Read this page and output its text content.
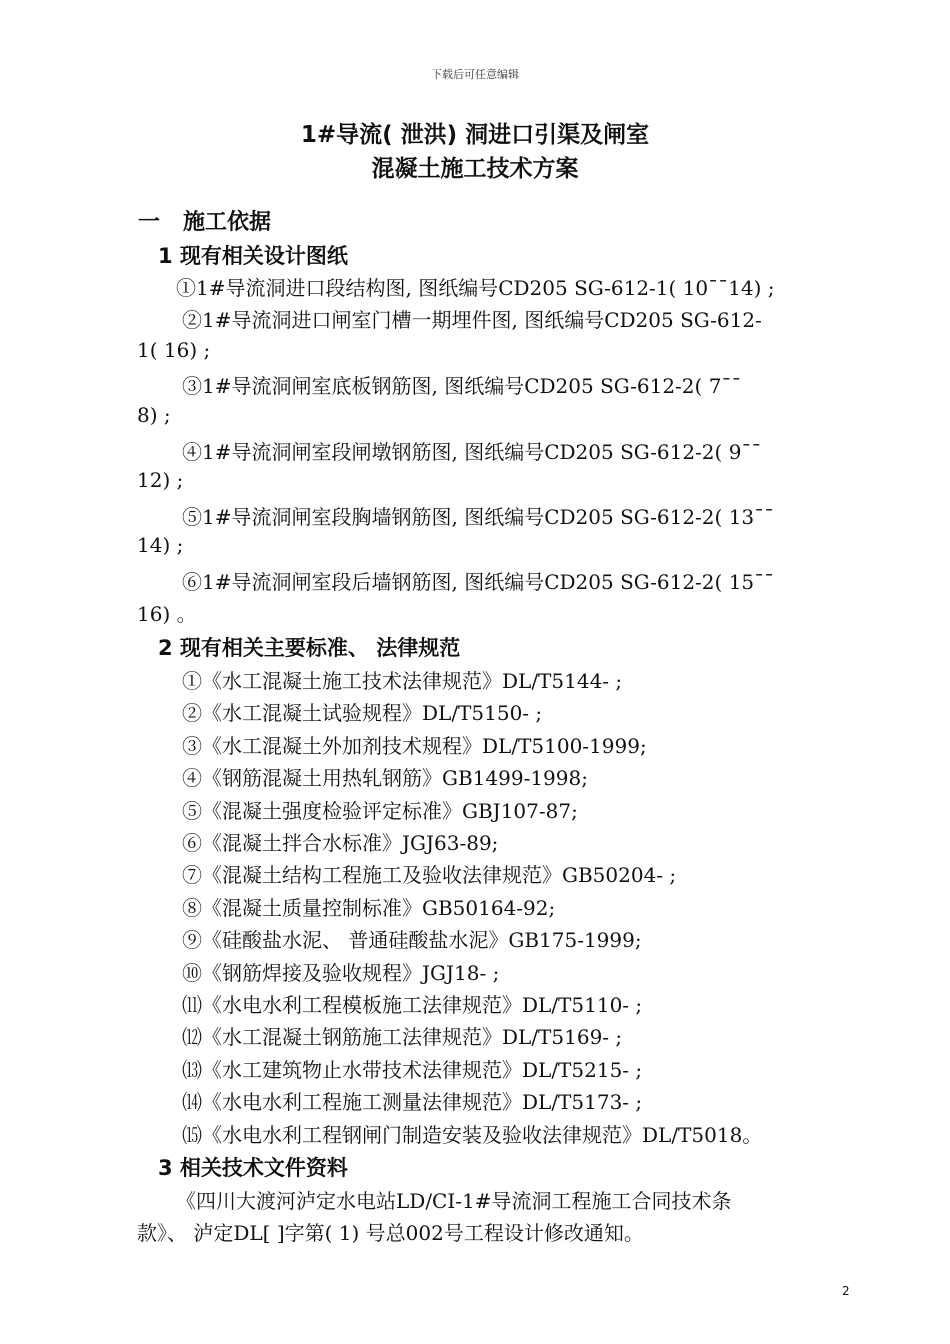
下载后可任意编辑
1#导流( 泄洪) 洞进口引渠及闸室
混凝土施工技术方案
一 施工依据
1 现有相关设计图纸
①1#导流洞进口段结构图, 图纸编号CD205 SG-612-1( 10¯¯14) ;
②1#导流洞进口闸室门槽一期埋件图, 图纸编号CD205 SG-612-
1( 16) ;
③1#导流洞闸室底板钢筋图, 图纸编号CD205 SG-612-2( 7¯¯
8) ;
④1#导流洞闸室段闸墩钢筋图, 图纸编号CD205 SG-612-2( 9¯¯
12) ;
⑤1#导流洞闸室段胸墙钢筋图, 图纸编号CD205 SG-612-2( 13¯¯
14) ;
⑥1#导流洞闸室段后墙钢筋图, 图纸编号CD205 SG-612-2( 15¯¯
16) 。
2 现有相关主要标准、 法律规范
①《水工混凝土施工技术法律规范》DL/T5144- ;
②《水工混凝土试验规程》DL/T5150- ;
③《水工混凝土外加剂技术规程》DL/T5100-1999;
④《钢筋混凝土用热轧钢筋》GB1499-1998;
⑤《混凝土强度检验评定标准》GBJ107-87;
⑥《混凝土拌合水标准》JGJ63-89;
⑦《混凝土结构工程施工及验收法律规范》GB50204- ;
⑧《混凝土质量控制标准》GB50164-92;
⑨《硅酸盐水泥、 普通硅酸盐水泥》GB175-1999;
⑩《钢筋焊接及验收规程》JGJ18- ;
⑾《水电水利工程模板施工法律规范》DL/T5110- ;
⑿《水工混凝土钢筋施工法律规范》DL/T5169- ;
⒀《水工建筑物止水带技术法律规范》DL/T5215- ;
⒁《水电水利工程施工测量法律规范》DL/T5173- ;
⒂《水电水利工程钢闸门制造安装及验收法律规范》DL/T5018。
3 相关技术文件资料
《四川大渡河泸定水电站LD/CⅠ-1#导流洞工程施工合同技术条
款》、 泸定DL[ ]字第( 1) 号总002号工程设计修改通知。
2
